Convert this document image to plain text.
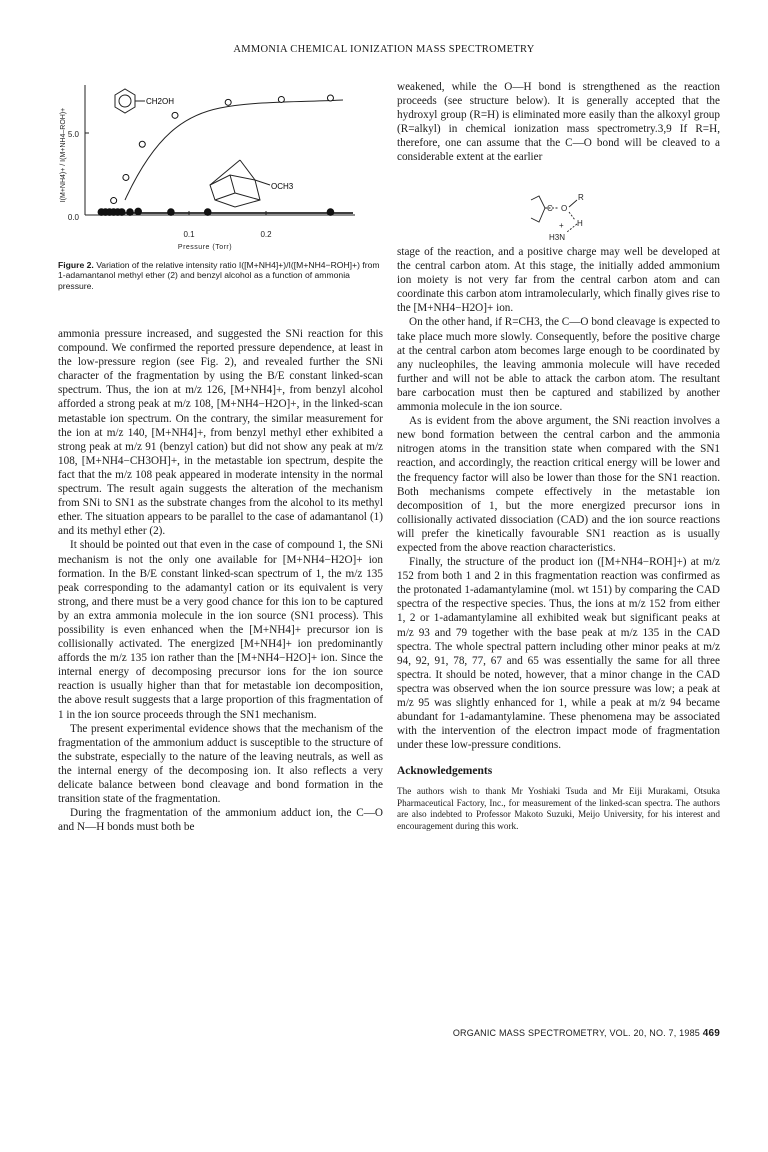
AMMONIA CHEMICAL IONIZATION MASS SPECTROMETRY
I(M+NH4)+ / I(M+NH4–ROH)+ 5.0
0.0
0.1	0.2
Pressure (Torr)
CH2OH
OCH3
Figure 2. Variation of the relative intensity ratio I([M+NH4]+)/I([M+NH4−ROH]+) from 1-adamantanol methyl ether (2) and benzyl alcohol as a function of ammonia pressure.

ammonia pressure increased, and suggested the SNi reaction for this compound. We confirmed the reported pressure dependence, at least in the low-pressure region (see Fig. 2), and revealed further the SNi character of the fragmentation by using the B/E constant linked-scan spectrum. Thus, the ion at m/z 126, [M+NH4]+, from benzyl alcohol afforded a strong peak at m/z 108, [M+NH4−H2O]+, in the linked-scan metastable ion spectrum. On the contrary, the similar measurement for the ion at m/z 140, [M+NH4]+, from benzyl methyl ether exhibited a strong peak at m/z 91 (benzyl cation) but did not show any peak at m/z 108, [M+NH4−CH3OH]+, in the metastable ion spectrum, despite the fact that the m/z 108 peak appeared in moderate intensity in the normal spectrum. The result again suggests the alteration of the mechanism from SNi to SN1 as the substrate changes from the alcohol to its methyl ether. The situation appears to be parallel to the case of adamantanol (1) and its methyl ether (2).

It should be pointed out that even in the case of compound 1, the SNi mechanism is not the only one available for [M+NH4−H2O]+ ion formation. In the B/E constant linked-scan spectrum of 1, the m/z 135 peak corresponding to the adamantyl cation or its equivalent is very strong, and there must be a very good chance for this ion to be captured by an extra ammonia molecule in the ion source (SN1 process). This possibility is even enhanced when the [M+NH4]+ precursor ion is collisionally activated. The energized [M+NH4]+ ion predominantly affords the m/z 135 ion rather than the [M+NH4−H2O]+ ion. Since the internal energy of decomposing precursor ions for the ion source reaction is usually higher than that for metastable ion decomposition, the above result suggests that a large proportion of this fragmentation of 1 in the ion source proceeds through the SN1 mechanism.

The present experimental evidence shows that the mechanism of the fragmentation of the ammonium adduct is susceptible to the structure of the substrate, especially to the nature of the leaving neutrals, as well as the internal energy of the decomposing ion. It also reflects a very delicate balance between bond cleavage and bond formation in the transition state of the fragmentation.

During the fragmentation of the ammonium adduct ion, the C—O and N—H bonds must both be

weakened, while the O—H bond is strengthened as the reaction proceeds (see structure below). It is generally accepted that the hydroxyl group (R=H) is eliminated more easily than the alkoxyl group (R=alkyl) in chemical ionization mass spectrometry.3,9 If R=H, therefore, one can assume that the C—O bond will be cleaved to a considerable extent at the earlier

C O
R
H
+
H3N

stage of the reaction, and a positive charge may well be developed at the central carbon atom. At this stage, the initially added ammonium ion moiety is not very far from the central carbon atom and can coordinate this carbon atom intramolecularly, which finally gives rise to the [M+NH4−H2O]+ ion.

On the other hand, if R=CH3, the C—O bond cleavage is expected to take place much more slowly. Consequently, before the positive charge at the central carbon atom becomes large enough to be coordinated by any nucleophiles, the leaving ammonia molecule will have receded further and will not be able to attack the carbon atom. The resultant bare carbocation must then be captured and stabilized by another ammonia molecule in the ion source.

As is evident from the above argument, the SNi reaction involves a new bond formation between the central carbon and the ammonia nitrogen atoms in the transition state when compared with the SN1 reaction, and accordingly, the reaction critical energy will be lower and the frequency factor will also be lower than those for the SN1 reaction. Both mechanisms compete effectively in the metastable ion decomposition of 1, but the more energized precursor ions in collisionally activated dissociation (CAD) and the ion source reactions will prefer the kinetically favourable SN1 reaction as is usually expected from the above reaction characteristics.

Finally, the structure of the product ion ([M+NH4−ROH]+) at m/z 152 from both 1 and 2 in this fragmentation reaction was confirmed as the protonated 1-adamantylamine (mol. wt 151) by comparing the CAD spectra of the respective species. Thus, the ions at m/z 152 from either 1, 2 or 1-adamantylamine all exhibited weak but significant peaks at m/z 93 and 79 together with the base peak at m/z 135 in the CAD spectra. The whole spectral pattern including other minor peaks at m/z 94, 92, 91, 78, 77, 67 and 65 was essentially the same for all three spectra. It should be noted, however, that a minor change in the CAD spectra was observed when the ion source pressure was low; a peak at m/z 95 was slightly enhanced for 1, while a peak at m/z 94 became abundant for 1-adamantylamine. These phenomena may be associated with the intervention of the electron impact mode of fragmentation under these low-pressure conditions.

Acknowledgements

The authors wish to thank Mr Yoshiaki Tsuda and Mr Eiji Murakami, Otsuka Pharmaceutical Factory, Inc., for measurement of the linked-scan spectra. The authors are also indebted to Professor Makoto Suzuki, Meijo University, for his interest and encouragement during this work.

ORGANIC MASS SPECTROMETRY, VOL. 20, NO. 7, 1985 469
